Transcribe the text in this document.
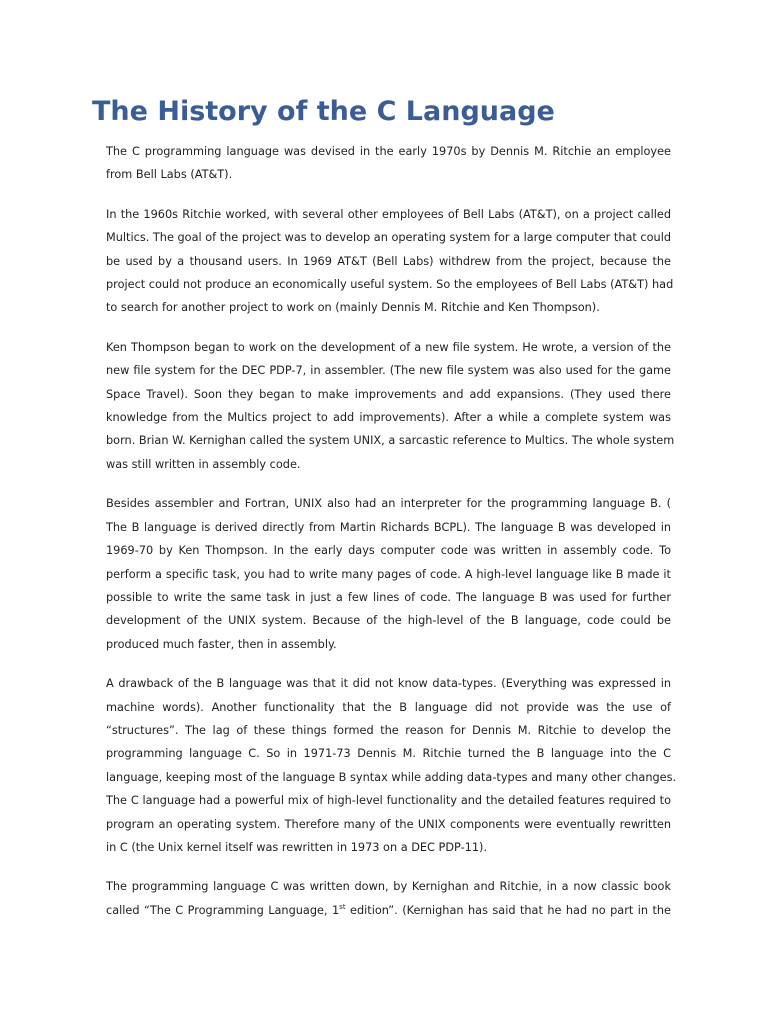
The History of the C Language

The C programming language was devised in the early 1970s by Dennis M. Ritchie an employee
from Bell Labs (AT&T).

In the 1960s Ritchie worked, with several other employees of Bell Labs (AT&T), on a project called
Multics. The goal of the project was to develop an operating system for a large computer that could
be used by a thousand users. In 1969 AT&T (Bell Labs) withdrew from the project, because the
project could not produce an economically useful system. So the employees of Bell Labs (AT&T) had
to search for another project to work on (mainly Dennis M. Ritchie and Ken Thompson).

Ken Thompson began to work on the development of a new file system. He wrote, a version of the
new file system for the DEC PDP-7, in assembler. (The new file system was also used for the game
Space Travel). Soon they began to make improvements and add expansions. (They used there
knowledge from the Multics project to add improvements). After a while a complete system was
born. Brian W. Kernighan called the system UNIX, a sarcastic reference to Multics. The whole system
was still written in assembly code.

Besides assembler and Fortran, UNIX also had an interpreter for the programming language B. (
The B language is derived directly from Martin Richards BCPL). The language B was developed in
1969-70 by Ken Thompson. In the early days computer code was written in assembly code. To
perform a specific task, you had to write many pages of code. A high-level language like B made it
possible to write the same task in just a few lines of code. The language B was used for further
development of the UNIX system. Because of the high-level of the B language, code could be
produced much faster, then in assembly.

A drawback of the B language was that it did not know data-types. (Everything was expressed in
machine words). Another functionality that the B language did not provide was the use of
“structures”. The lag of these things formed the reason for Dennis M. Ritchie to develop the
programming language C. So in 1971-73 Dennis M. Ritchie turned the B language into the C
language, keeping most of the language B syntax while adding data-types and many other changes.
The C language had a powerful mix of high-level functionality and the detailed features required to
program an operating system. Therefore many of the UNIX components were eventually rewritten
in C (the Unix kernel itself was rewritten in 1973 on a DEC PDP-11).

The programming language C was written down, by Kernighan and Ritchie, in a now classic book
called “The C Programming Language, 1st edition”. (Kernighan has said that he had no part in the
